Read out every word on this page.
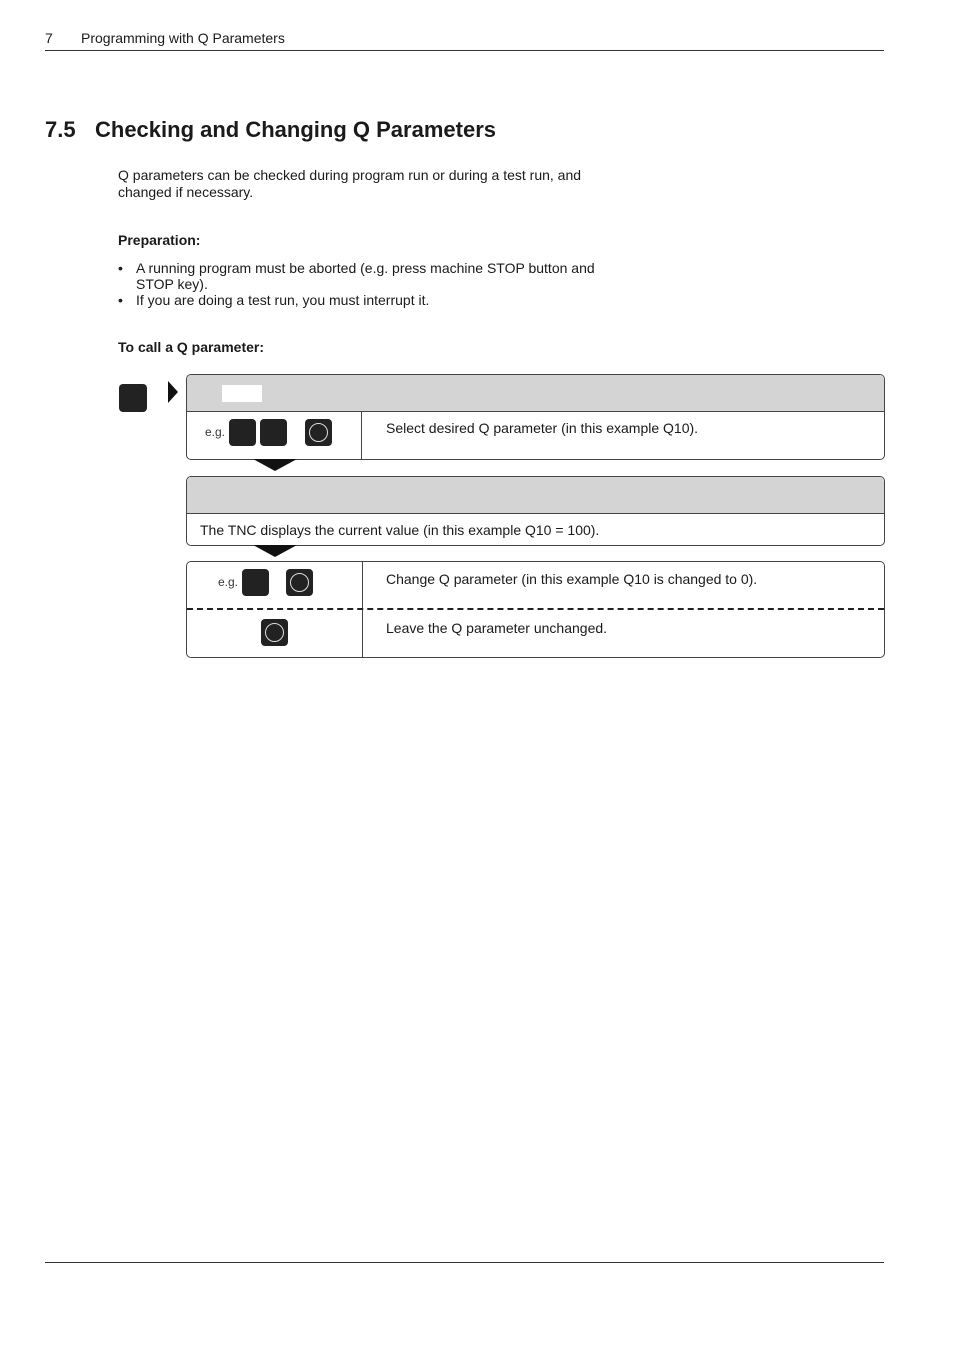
7 Programming with Q Parameters
7.5 Checking and Changing Q Parameters
Q parameters can be checked during program run or during a test run, and changed if necessary.
Preparation:
• A running program must be aborted (e.g. press machine STOP button and STOP key).
• If you are doing a test run, you must interrupt it.
To call a Q parameter:
e.g.	Select desired Q parameter (in this example Q10).
The TNC displays the current value (in this example Q10 = 100).
e.g.	Change Q parameter (in this example Q10 is changed to 0).
Leave the Q parameter unchanged.
